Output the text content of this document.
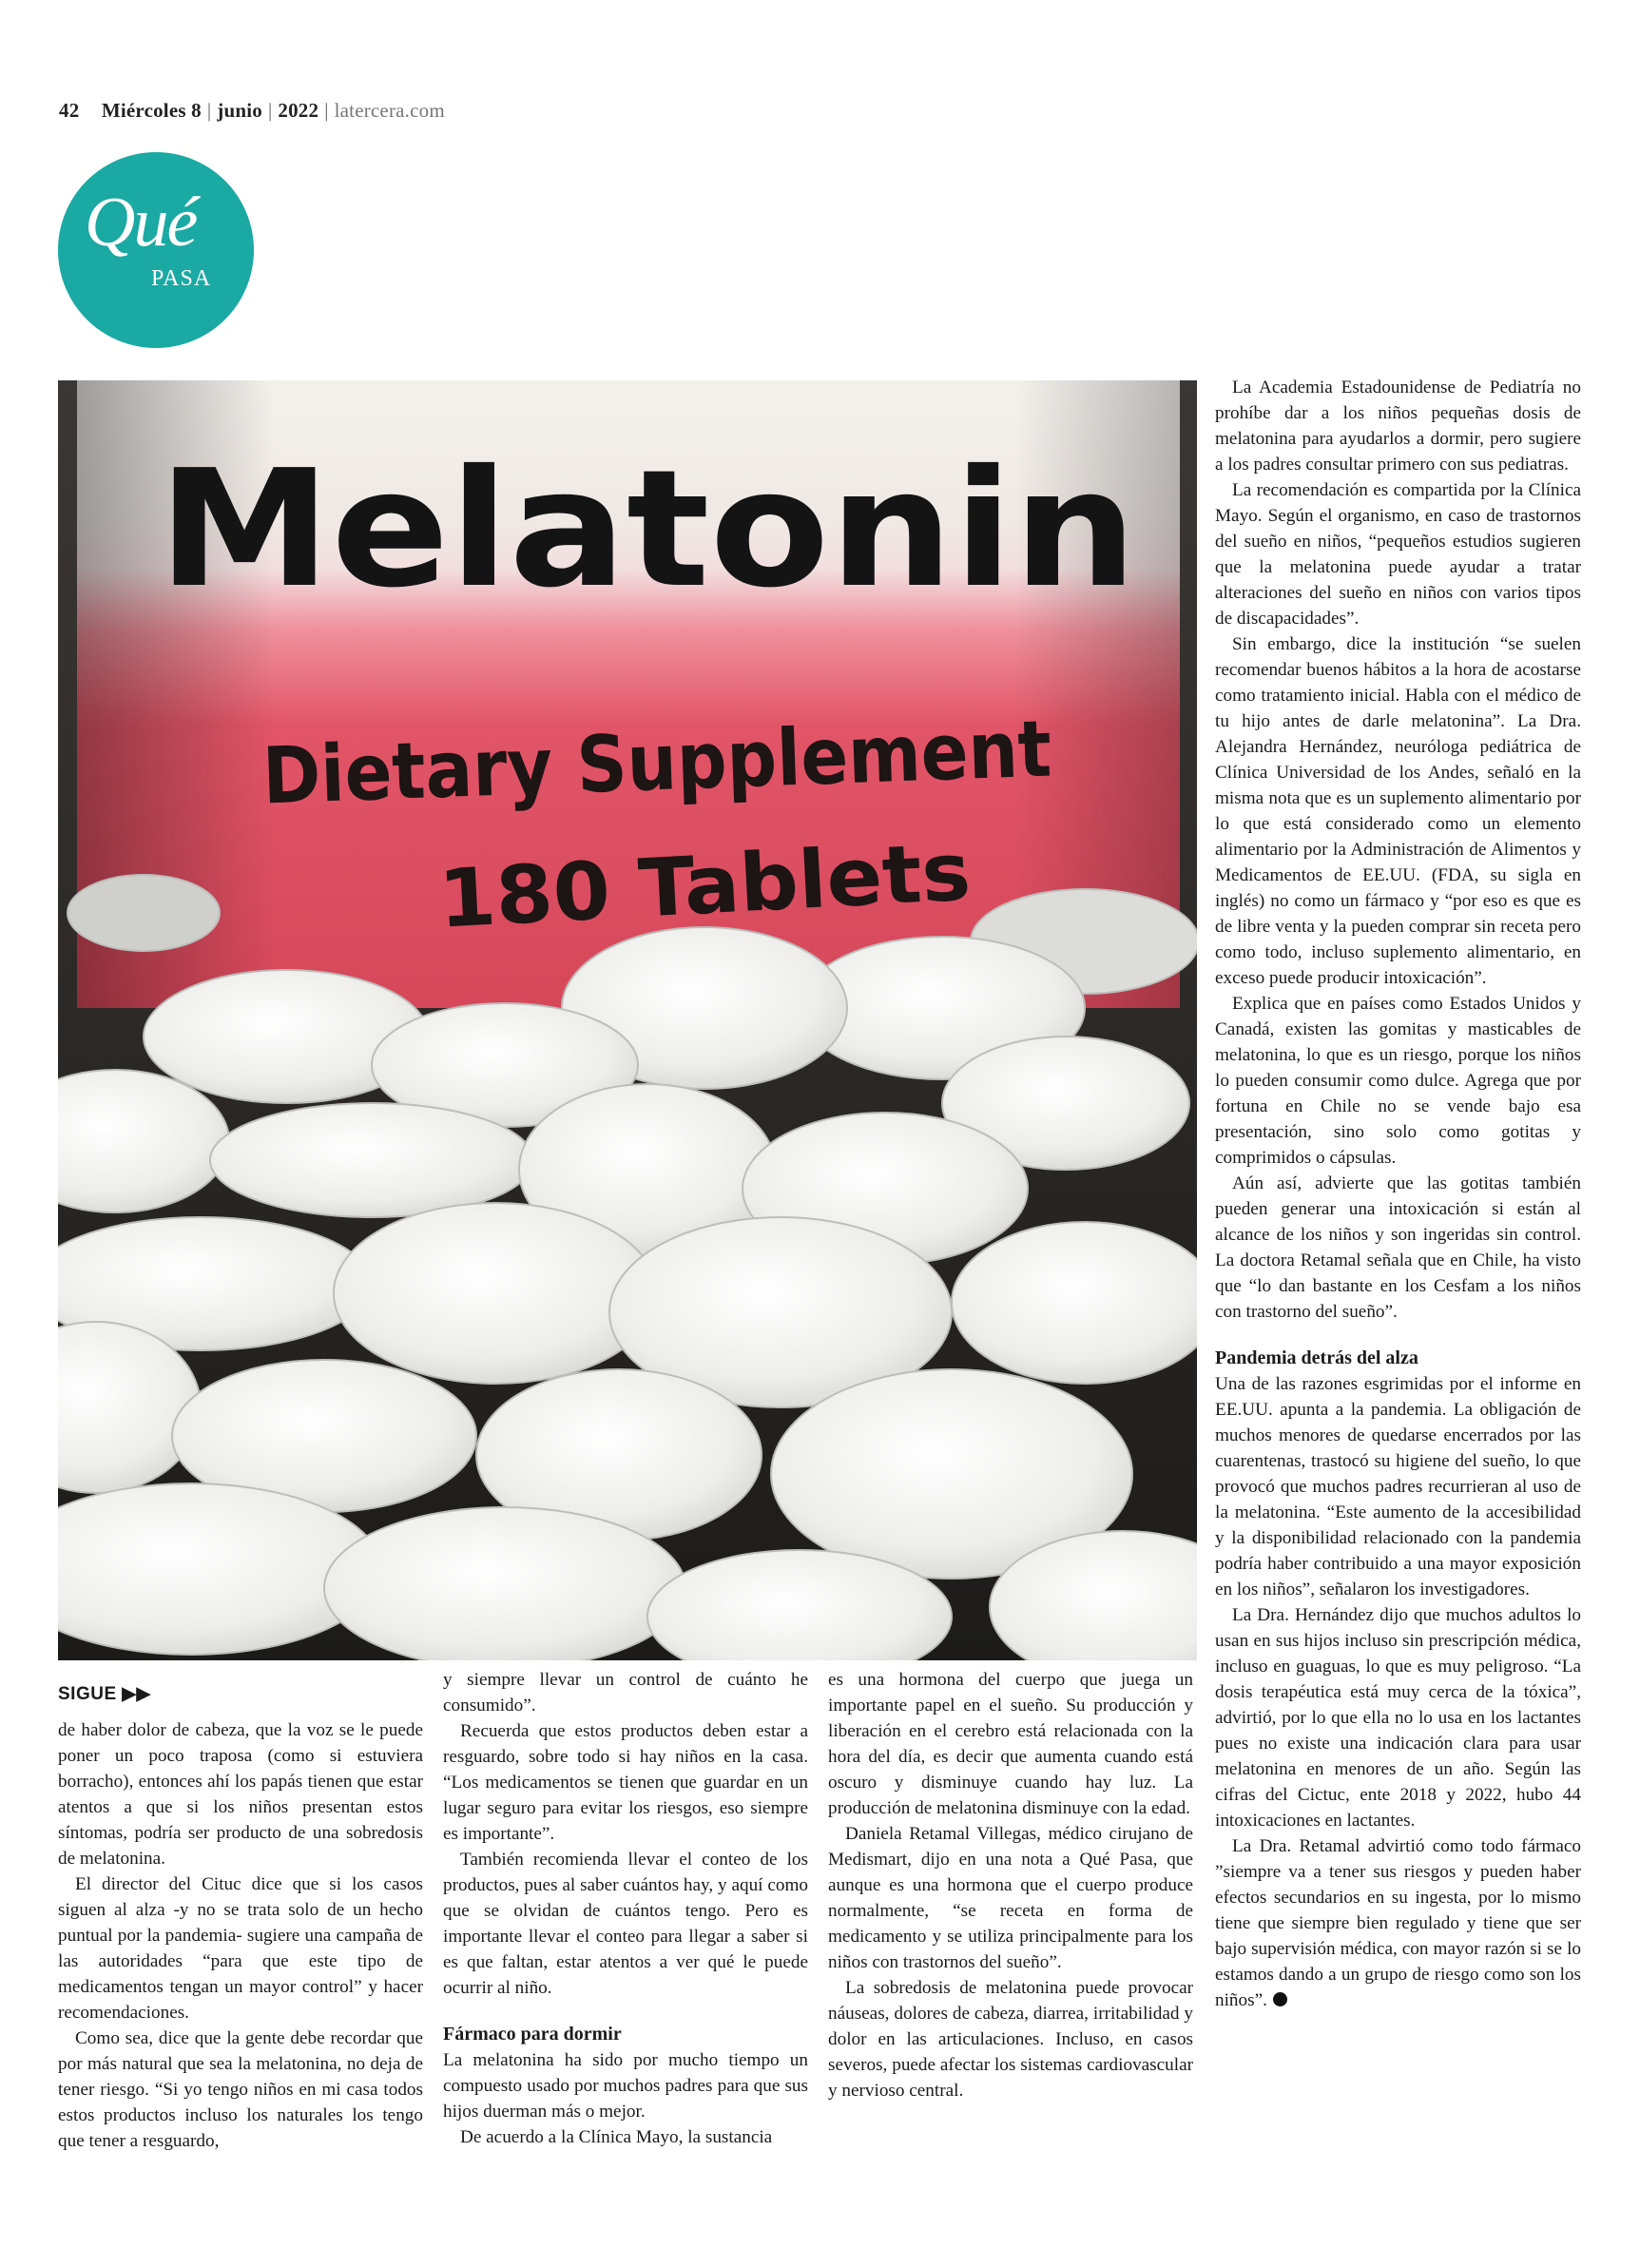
42 Miércoles 8 | junio | 2022 | latercera.com
Qué
PASA
Melatonin
Dietary Supplement
180 Tablets
SIGUE ▶▶

de haber dolor de cabeza, que la voz se le puede poner un poco traposa (como si estuviera borracho), entonces ahí los papás tienen que estar atentos a que si los niños presentan estos síntomas, podría ser producto de una sobredosis de melatonina.

El director del Cituc dice que si los casos siguen al alza -y no se trata solo de un hecho puntual por la pandemia- sugiere una campaña de las autoridades “para que este tipo de medicamentos tengan un mayor control” y hacer recomendaciones.

Como sea, dice que la gente debe recordar que por más natural que sea la melatonina, no deja de tener riesgo. “Si yo tengo niños en mi casa todos estos productos incluso los naturales los tengo que tener a resguardo,

y siempre llevar un control de cuánto he consumido”.

Recuerda que estos productos deben estar a resguardo, sobre todo si hay niños en la casa. “Los medicamentos se tienen que guardar en un lugar seguro para evitar los riesgos, eso siempre es importante”.

También recomienda llevar el conteo de los productos, pues al saber cuántos hay, y aquí como que se olvidan de cuántos tengo. Pero es importante llevar el conteo para llegar a saber si es que faltan, estar atentos a ver qué le puede ocurrir al niño.

Fármaco para dormir

La melatonina ha sido por mucho tiempo un compuesto usado por muchos padres para que sus hijos duerman más o mejor.

De acuerdo a la Clínica Mayo, la sustancia

es una hormona del cuerpo que juega un importante papel en el sueño. Su producción y liberación en el cerebro está relacionada con la hora del día, es decir que aumenta cuando está oscuro y disminuye cuando hay luz. La producción de melatonina disminuye con la edad.

Daniela Retamal Villegas, médico cirujano de Medismart, dijo en una nota a Qué Pasa, que aunque es una hormona que el cuerpo produce normalmente, “se receta en forma de medicamento y se utiliza principalmente para los niños con trastornos del sueño”.

La sobredosis de melatonina puede provocar náuseas, dolores de cabeza, diarrea, irritabilidad y dolor en las articulaciones. Incluso, en casos severos, puede afectar los sistemas cardiovascular y nervioso central.

La Academia Estadounidense de Pediatría no prohíbe dar a los niños pequeñas dosis de melatonina para ayudarlos a dormir, pero sugiere a los padres consultar primero con sus pediatras.

La recomendación es compartida por la Clínica Mayo. Según el organismo, en caso de trastornos del sueño en niños, “pequeños estudios sugieren que la melatonina puede ayudar a tratar alteraciones del sueño en niños con varios tipos de discapacidades”.

Sin embargo, dice la institución “se suelen recomendar buenos hábitos a la hora de acostarse como tratamiento inicial. Habla con el médico de tu hijo antes de darle melatonina”. La Dra. Alejandra Hernández, neuróloga pediátrica de Clínica Universidad de los Andes, señaló en la misma nota que es un suplemento alimentario por lo que está considerado como un elemento alimentario por la Administración de Alimentos y Medicamentos de EE.UU. (FDA, su sigla en inglés) no como un fármaco y “por eso es que es de libre venta y la pueden comprar sin receta pero como todo, incluso suplemento alimentario, en exceso puede producir intoxicación”.

Explica que en países como Estados Unidos y Canadá, existen las gomitas y masticables de melatonina, lo que es un riesgo, porque los niños lo pueden consumir como dulce. Agrega que por fortuna en Chile no se vende bajo esa presentación, sino solo como gotitas y comprimidos o cápsulas.

Aún así, advierte que las gotitas también pueden generar una intoxicación si están al alcance de los niños y son ingeridas sin control. La doctora Retamal señala que en Chile, ha visto que “lo dan bastante en los Cesfam a los niños con trastorno del sueño”.

Pandemia detrás del alza

Una de las razones esgrimidas por el informe en EE.UU. apunta a la pandemia. La obligación de muchos menores de quedarse encerrados por las cuarentenas, trastocó su higiene del sueño, lo que provocó que muchos padres recurrieran al uso de la melatonina. “Este aumento de la accesibilidad y la disponibilidad relacionado con la pandemia podría haber contribuido a una mayor exposición en los niños”, señalaron los investigadores.

La Dra. Hernández dijo que muchos adultos lo usan en sus hijos incluso sin prescripción médica, incluso en guaguas, lo que es muy peligroso. “La dosis terapéutica está muy cerca de la tóxica”, advirtió, por lo que ella no lo usa en los lactantes pues no existe una indicación clara para usar melatonina en menores de un año. Según las cifras del Cictuc, ente 2018 y 2022, hubo 44 intoxicaciones en lactantes.

La Dra. Retamal advirtió como todo fármaco ”siempre va a tener sus riesgos y pueden haber efectos secundarios en su ingesta, por lo mismo tiene que siempre bien regulado y tiene que ser bajo supervisión médica, con mayor razón si se lo estamos dando a un grupo de riesgo como son los niños”.
